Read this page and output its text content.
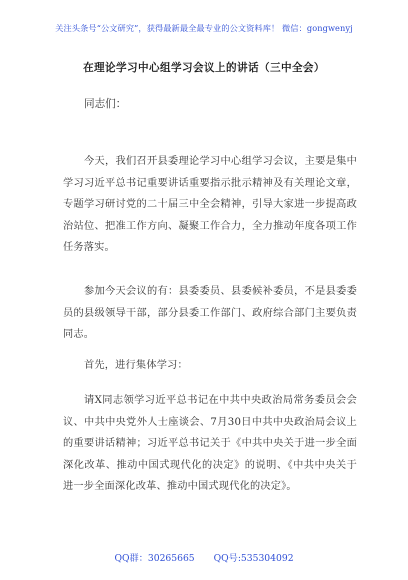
关注头条号“公文研究”，获得最新最全最专业的公文资料库！ 微信：gongwenyj
在理论学习中心组学习会议上的讲话（三中全会）
同志们：
今天，我们召开县委理论学习中心组学习会议，主要是集中学习习近平总书记重要讲话重要指示批示精神及有关理论文章，专题学习研讨党的二十届三中全会精神，引导大家进一步提高政治站位、把准工作方向、凝聚工作合力，全力推动年度各项工作任务落实。
参加今天会议的有：县委委员、县委候补委员，不是县委委员的县级领导干部，部分县委工作部门、政府综合部门主要负责同志。
首先，进行集体学习：
请X同志领学习近平总书记在中共中央政治局常务委员会会议、中共中央党外人士座谈会、7月30日中共中央政治局会议上的重要讲话精神；习近平总书记关于《中共中央关于进一步全面深化改革、推动中国式现代化的决定》的说明、《中共中央关于进一步全面深化改革、推动中国式现代化的决定》。
QQ群：30265665 QQ号:535304092
